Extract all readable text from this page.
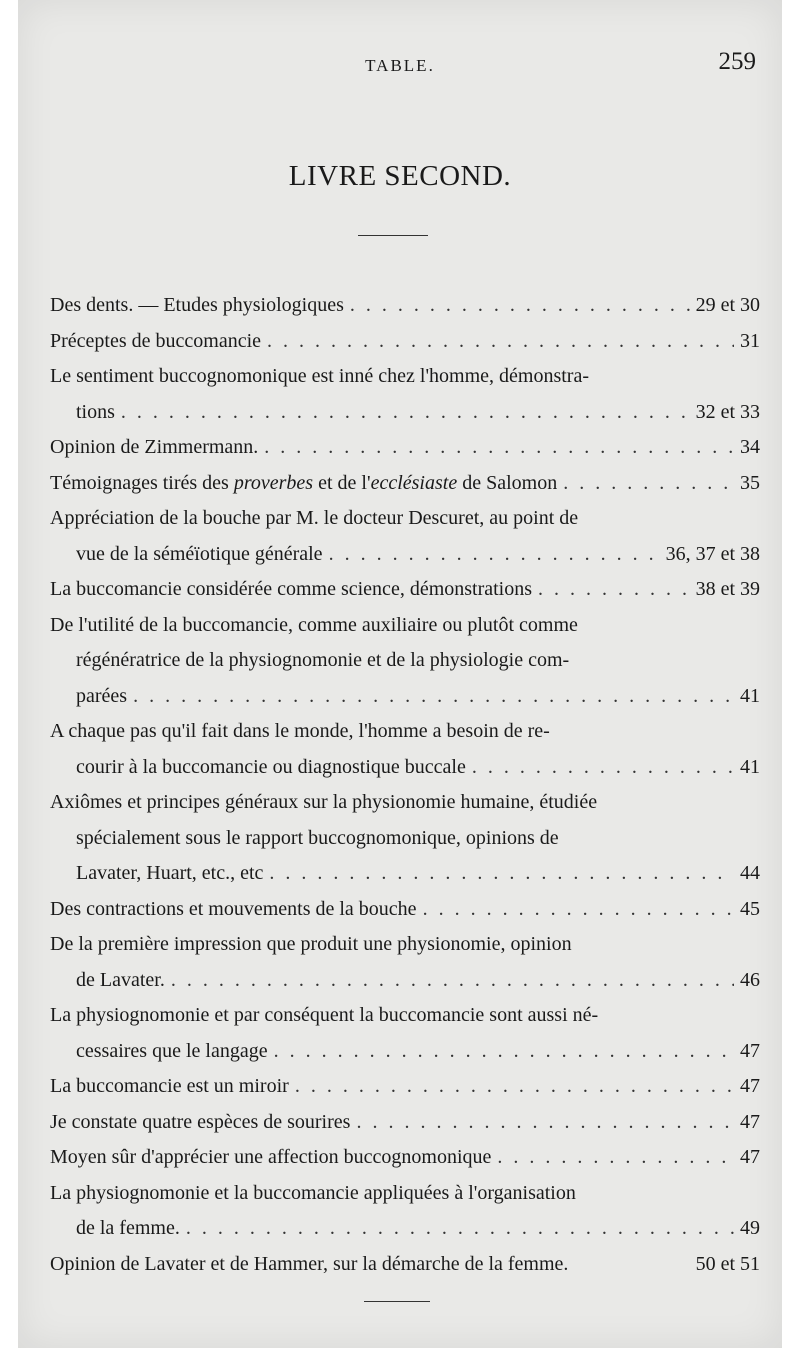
TABLE.	259
LIVRE SECOND.
Des dents. — Etudes physiologiques . . .	29 et 30
Préceptes de buccomancie . . .	31
Le sentiment buccognomonique est inné chez l'homme, démonstra-
tions . . .	32 et 33
Opinion de Zimmermann. . . .	34
Témoignages tirés des proverbes et de l'ecclésiaste de Salomon . . .	35
Appréciation de la bouche par M. le docteur Descuret, au point de
vue de la séméïotique générale . . .	36, 37 et 38
La buccomancie considérée comme science, démonstrations . . .	38 et 39
De l'utilité de la buccomancie, comme auxiliaire ou plutôt comme
régénératrice de la physiognomonie et de la physiologie com-
parées . . .	41
A chaque pas qu'il fait dans le monde, l'homme a besoin de re-
courir à la buccomancie ou diagnostique buccale . . .	41
Axiômes et principes généraux sur la physionomie humaine, étudiée
spécialement sous le rapport buccognomonique, opinions de
Lavater, Huart, etc., etc . . .	44
Des contractions et mouvements de la bouche . . .	45
De la première impression que produit une physionomie, opinion
de Lavater. . . .	46
La physiognomonie et par conséquent la buccomancie sont aussi né-
cessaires que le langage . . .	47
La buccomancie est un miroir . . .	47
Je constate quatre espèces de sourires . . .	47
Moyen sûr d'apprécier une affection buccognomonique . . .	47
La physiognomonie et la buccomancie appliquées à l'organisation
de la femme. . . .	49
Opinion de Lavater et de Hammer, sur la démarche de la femme.	50 et 51
